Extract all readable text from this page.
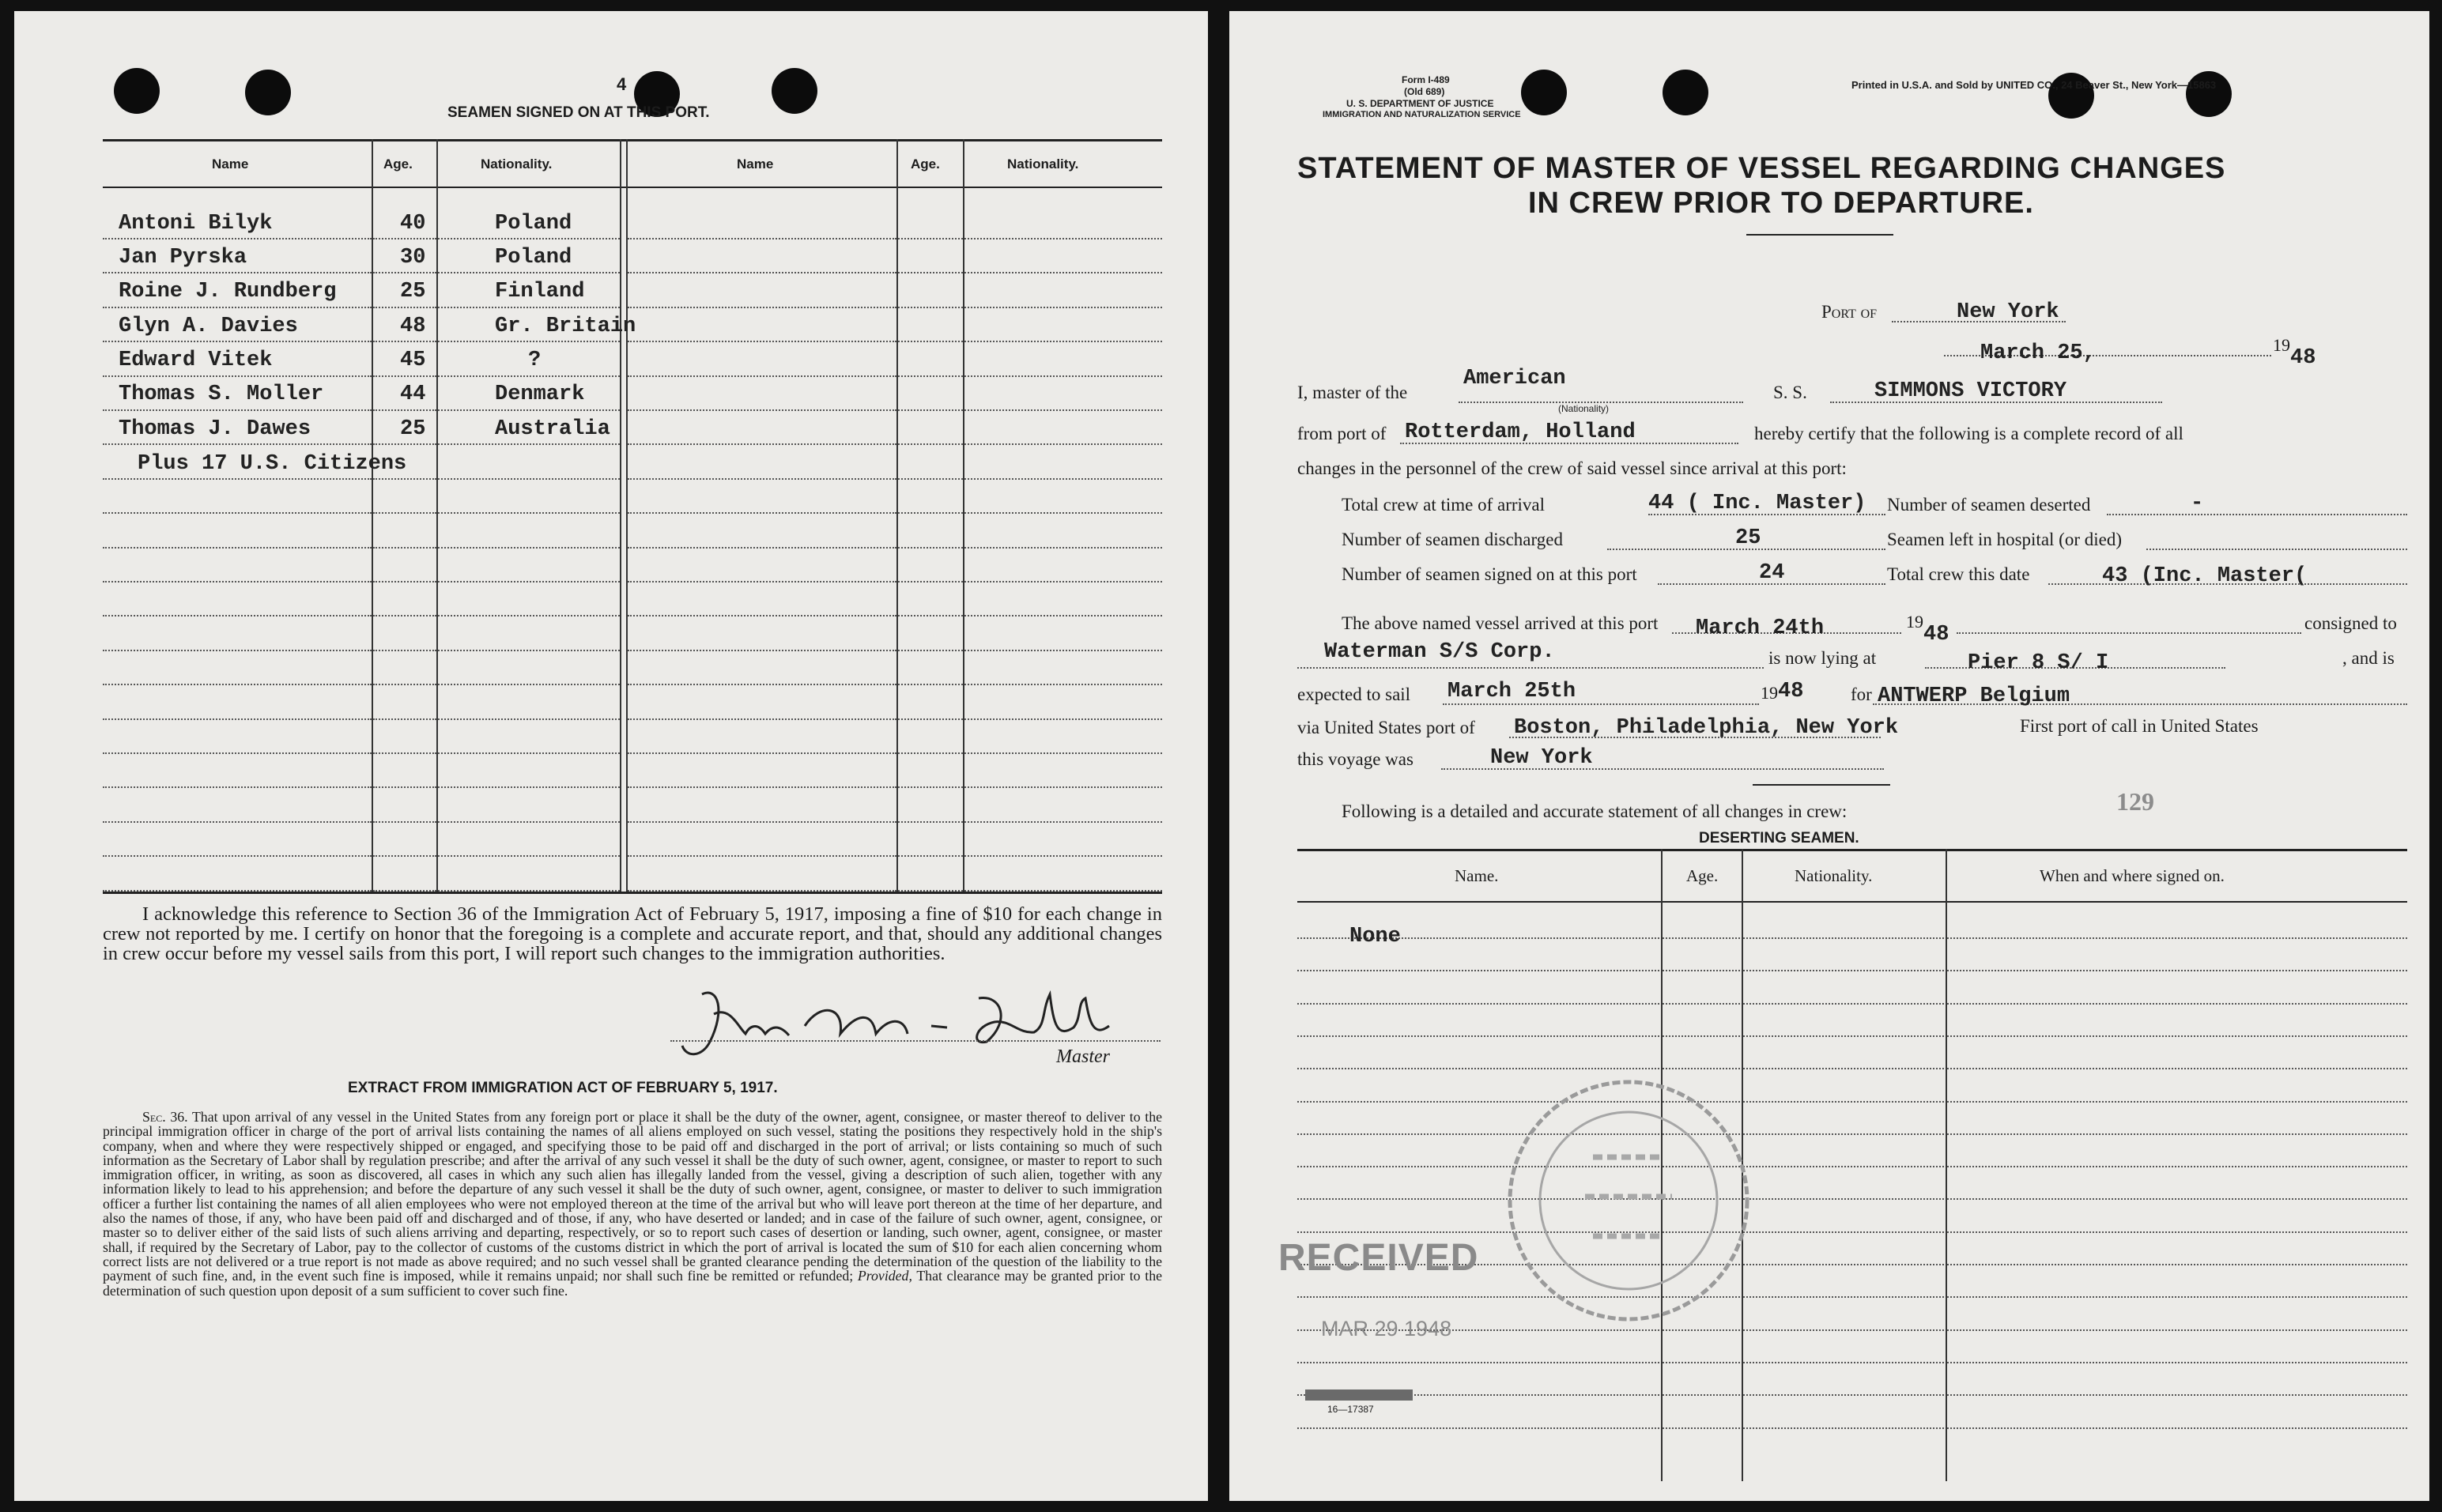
4
SEAMEN SIGNED ON AT THIS PORT.
Name	Age.	Nationality.	Name	Age.	Nationality.
Antoni Bilyk	40	Poland
Jan Pyrska	30	Poland
Roine J. Rundberg	25	Finland
Glyn A. Davies	48	Gr. Britain
Edward Vitek	45	?
Thomas S. Moller	44	Denmark
Thomas J. Dawes	25	Australia
Plus 17 U.S. Citizens
I acknowledge this reference to Section 36 of the Immigration Act of February 5, 1917, imposing a fine of $10 for each change in crew not reported by me. I certify on honor that the foregoing is a complete and accurate report, and that, should any additional changes in crew occur before my vessel sails from this port, I will report such changes to the immigration authorities.
Master
EXTRACT FROM IMMIGRATION ACT OF FEBRUARY 5, 1917.
Sec. 36. That upon arrival of any vessel in the United States from any foreign port or place it shall be the duty of the owner, agent, consignee, or master thereof to deliver to the principal immigration officer in charge of the port of arrival lists containing the names of all aliens employed on such vessel, stating the positions they respectively hold in the ship's company, when and where they were respectively shipped or engaged, and specifying those to be paid off and discharged in the port of arrival; or lists containing so much of such information as the Secretary of Labor shall by regulation prescribe; and after the arrival of any such vessel it shall be the duty of such owner, agent, consignee, or master to report to such immigration officer, in writing, as soon as discovered, all cases in which any such alien has illegally landed from the vessel, giving a description of such alien, together with any information likely to lead to his apprehension; and before the departure of any such vessel it shall be the duty of such owner, agent, consignee, or master to deliver to such immigration officer a further list containing the names of all alien employees who were not employed thereon at the time of the arrival but who will leave port thereon at the time of her departure, and also the names of those, if any, who have been paid off and discharged and of those, if any, who have deserted or landed; and in case of the failure of such owner, agent, consignee, or master so to deliver either of the said lists of such aliens arriving and departing, respectively, or so to report such cases of desertion or landing, such owner, agent, consignee, or master shall, if required by the Secretary of Labor, pay to the collector of customs of the customs district in which the port of arrival is located the sum of $10 for each alien concerning whom correct lists are not delivered or a true report is not made as above required; and no such vessel shall be granted clearance pending the determination of the question of the liability to the payment of such fine, and, in the event such fine is imposed, while it remains unpaid; nor shall such fine be remitted or refunded; Provided, That clearance may be granted prior to the determination of such question upon deposit of a sum sufficient to cover such fine.
Form I-489
(Old 689)
U. S. DEPARTMENT OF JUSTICE
IMMIGRATION AND NATURALIZATION SERVICE
Printed in U.S.A. and Sold by UNITED CO., 24 Beaver St., New York—15863
STATEMENT OF MASTER OF VESSEL REGARDING CHANGES
IN CREW PRIOR TO DEPARTURE.
Port of	New York
March 25,	19
48
I, master of the
American
(Nationality)
S. S.	SIMMONS VICTORY
from port of Rotterdam, Holland	hereby certify that the following is a complete record of all
changes in the personnel of the crew of said vessel since arrival at this port:
Total crew at time of arrival	44 ( Inc. Master)
Number of seamen discharged	25
Number of seamen signed on at this port	24
Number of seamen deserted	-
Seamen left in hospital (or died)
Total crew this date	43 (Inc. Master(
The above named vessel arrived at this port March 24th	19
48	consigned to
Waterman S/S Corp.	is now lying at	Pier 8 S/ I	, and is
expected to sail March 25th	19 48	for ANTWERP Belgium
via United States port of Boston, Philadelphia, New York	First port of call in United States
this voyage was	New York
Following is a detailed and accurate statement of all changes in crew:	129
DESERTING SEAMEN.
Name.	Age.	Nationality.	When and where signed on.
None
RECEIVED
MAR 29 1948
16—17387
